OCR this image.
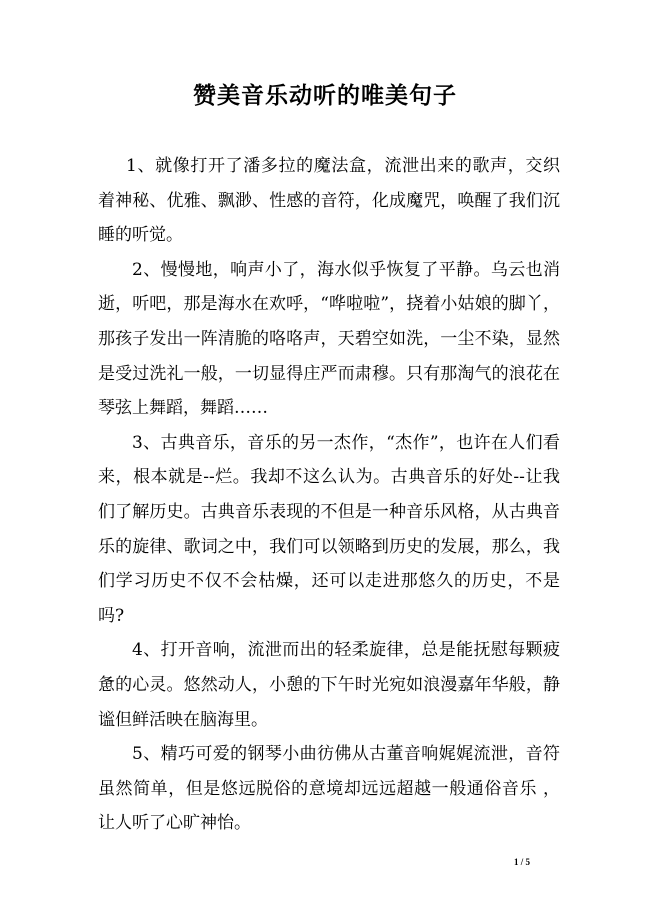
赞美音乐动听的唯美句子

1、就像打开了潘多拉的魔法盒，流泄出来的歌声，交织着神秘、优雅、飘渺、性感的音符，化成魔咒，唤醒了我们沉睡的听觉。

2、慢慢地，响声小了，海水似乎恢复了平静。乌云也消逝，听吧，那是海水在欢呼，“哗啦啦”，挠着小姑娘的脚丫，那孩子发出一阵清脆的咯咯声，天碧空如洗，一尘不染，显然是受过洗礼一般，一切显得庄严而肃穆。只有那淘气的浪花在琴弦上舞蹈，舞蹈……

3、古典音乐，音乐的另一杰作，“杰作”，也许在人们看来，根本就是--烂。我却不这么认为。古典音乐的好处--让我们了解历史。古典音乐表现的不但是一种音乐风格，从古典音乐的旋律、歌词之中，我们可以领略到历史的发展，那么，我们学习历史不仅不会枯燥，还可以走进那悠久的历史，不是吗?

4、打开音响，流泄而出的轻柔旋律，总是能抚慰每颗疲惫的心灵。悠然动人，小憩的下午时光宛如浪漫嘉年华般，静谧但鲜活映在脑海里。

5、精巧可爱的钢琴小曲彷佛从古董音响娓娓流泄，音符虽然简单，但是悠远脱俗的意境却远远超越一般通俗音乐 ，让人听了心旷神怡。

1 / 5
